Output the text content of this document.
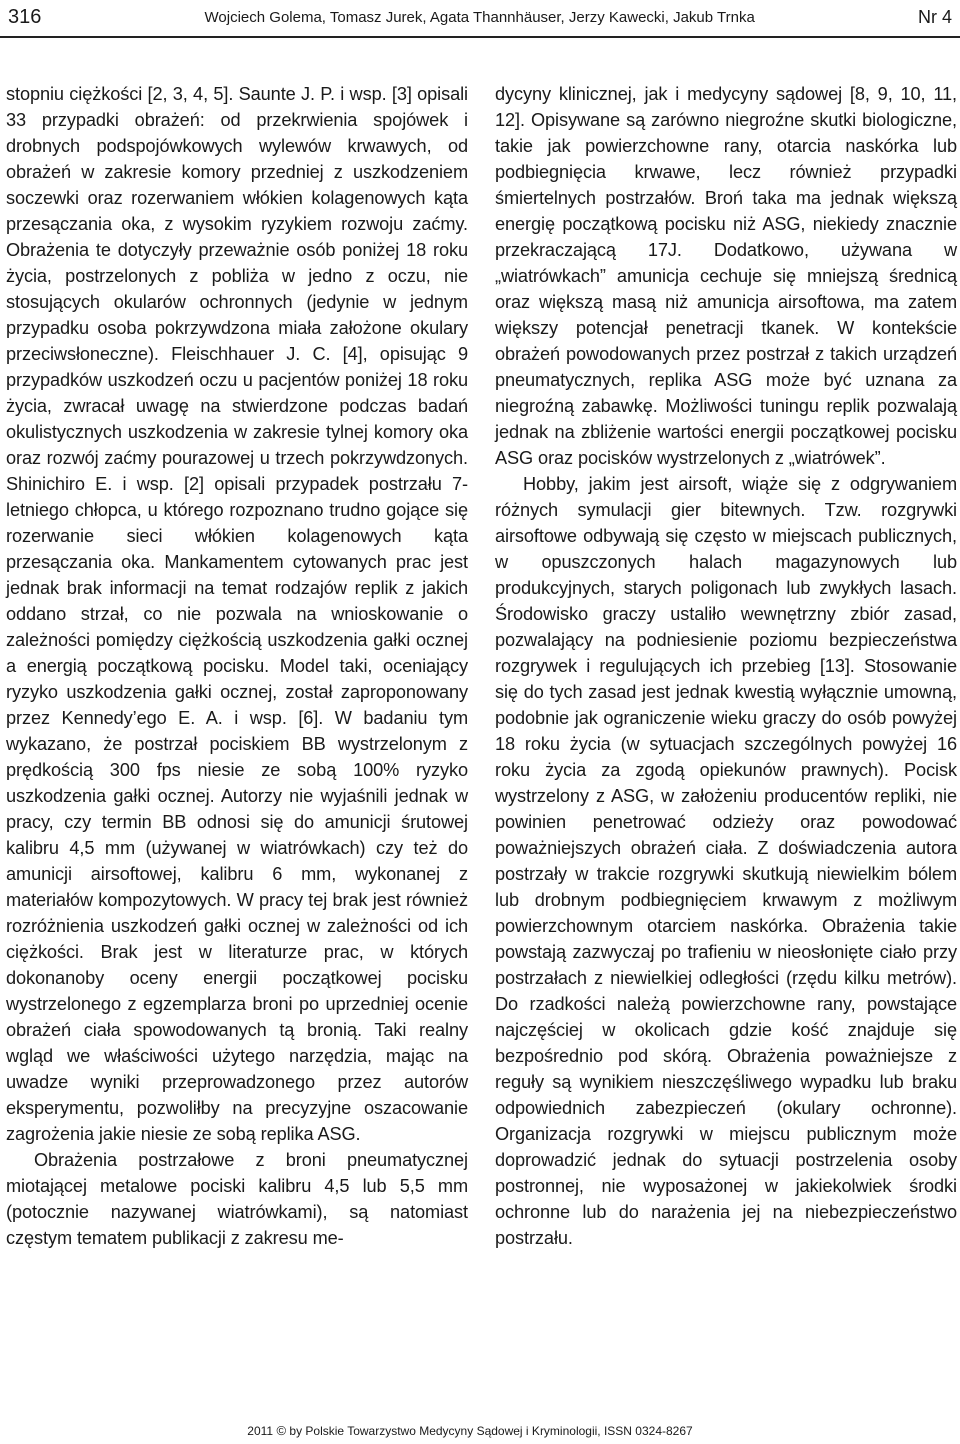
316	Wojciech Golema, Tomasz Jurek, Agata Thannhäuser, Jerzy Kawecki, Jakub Trnka	Nr 4

stopniu ciężkości [2, 3, 4, 5]. Saunte J. P. i wsp. [3] opisali 33 przypadki obrażeń: od przekrwienia spojówek i drobnych podspojówkowych wylewów krwawych, od obrażeń w zakresie komory przedniej z uszkodzeniem soczewki oraz rozerwaniem włókien kolagenowych kąta przesączania oka, z wysokim ryzykiem rozwoju zaćmy. Obrażenia te dotyczyły przeważnie osób poniżej 18 roku życia, postrzelonych z pobliża w jedno z oczu, nie stosujących okularów ochronnych (jedynie w jednym przypadku osoba pokrzywdzona miała założone okulary przeciwsłoneczne). Fleischhauer J. C. [4], opisując 9 przypadków uszkodzeń oczu u pacjentów poniżej 18 roku życia, zwracał uwagę na stwierdzone podczas badań okulistycznych uszkodzenia w zakresie tylnej komory oka oraz rozwój zaćmy pourazowej u trzech pokrzywdzonych. Shinichiro E. i wsp. [2] opisali przypadek postrzału 7-letniego chłopca, u którego rozpoznano trudno gojące się rozerwanie sieci włókien kolagenowych kąta przesączania oka. Mankamentem cytowanych prac jest jednak brak informacji na temat rodzajów replik z jakich oddano strzał, co nie pozwala na wnioskowanie o zależności pomiędzy ciężkością uszkodzenia gałki ocznej a energią początkową pocisku. Model taki, oceniający ryzyko uszkodzenia gałki ocznej, został zaproponowany przez Kennedy’ego E. A. i wsp. [6]. W badaniu tym wykazano, że postrzał pociskiem BB wystrzelonym z prędkością 300 fps niesie ze sobą 100% ryzyko uszkodzenia gałki ocznej. Autorzy nie wyjaśnili jednak w pracy, czy termin BB odnosi się do amunicji śrutowej kalibru 4,5 mm (używanej w wiatrówkach) czy też do amunicji airsoftowej, kalibru 6 mm, wykonanej z materiałów kompozytowych. W pracy tej brak jest również rozróżnienia uszkodzeń gałki ocznej w zależności od ich ciężkości. Brak jest w literaturze prac, w których dokonanoby oceny energii początkowej pocisku wystrzelonego z egzemplarza broni po uprzedniej ocenie obrażeń ciała spowodowanych tą bronią. Taki realny wgląd we właściwości użytego narzędzia, mając na uwadze wyniki przeprowadzonego przez autorów eksperymentu, pozwoliłby na precyzyjne oszacowanie zagrożenia jakie niesie ze sobą replika ASG.

Obrażenia postrzałowe z broni pneumatycznej miotającej metalowe pociski kalibru 4,5 lub 5,5 mm (potocznie nazywanej wiatrówkami), są natomiast częstym tematem publikacji z zakresu me-

dycyny klinicznej, jak i medycyny sądowej [8, 9, 10, 11, 12]. Opisywane są zarówno niegroźne skutki biologiczne, takie jak powierzchowne rany, otarcia naskórka lub podbiegnięcia krwawe, lecz również przypadki śmiertelnych postrzałów. Broń taka ma jednak większą energię początkową pocisku niż ASG, niekiedy znacznie przekraczającą 17J. Dodatkowo, używana w „wiatrówkach” amunicja cechuje się mniejszą średnicą oraz większą masą niż amunicja airsoftowa, ma zatem większy potencjał penetracji tkanek. W kontekście obrażeń powodowanych przez postrzał z takich urządzeń pneumatycznych, replika ASG może być uznana za niegroźną zabawkę. Możliwości tuningu replik pozwalają jednak na zbliżenie wartości energii początkowej pocisku ASG oraz pocisków wystrzelonych z „wiatrówek”.

Hobby, jakim jest airsoft, wiąże się z odgrywaniem różnych symulacji gier bitewnych. Tzw. rozgrywki airsoftowe odbywają się często w miejscach publicznych, w opuszczonych halach magazynowych lub produkcyjnych, starych poligonach lub zwykłych lasach. Środowisko graczy ustaliło wewnętrzny zbiór zasad, pozwalający na podniesienie poziomu bezpieczeństwa rozgrywek i regulujących ich przebieg [13]. Stosowanie się do tych zasad jest jednak kwestią wyłącznie umowną, podobnie jak ograniczenie wieku graczy do osób powyżej 18 roku życia (w sytuacjach szczególnych powyżej 16 roku życia za zgodą opiekunów prawnych). Pocisk wystrzelony z ASG, w założeniu producentów repliki, nie powinien penetrować odzieży oraz powodować poważniejszych obrażeń ciała. Z doświadczenia autora postrzały w trakcie rozgrywki skutkują niewielkim bólem lub drobnym podbiegnięciem krwawym z możliwym powierzchownym otarciem naskórka. Obrażenia takie powstają zazwyczaj po trafieniu w nieosłonięte ciało przy postrzałach z niewielkiej odległości (rzędu kilku metrów). Do rzadkości należą powierzchowne rany, powstające najczęściej w okolicach gdzie kość znajduje się bezpośrednio pod skórą. Obrażenia poważniejsze z reguły są wynikiem nieszczęśliwego wypadku lub braku odpowiednich zabezpieczeń (okulary ochronne). Organizacja rozgrywki w miejscu publicznym może doprowadzić jednak do sytuacji postrzelenia osoby postronnej, nie wyposażonej w jakiekolwiek środki ochronne lub do narażenia jej na niebezpieczeństwo postrzału.

2011 © by Polskie Towarzystwo Medycyny Sądowej i Kryminologii, ISSN 0324-8267
